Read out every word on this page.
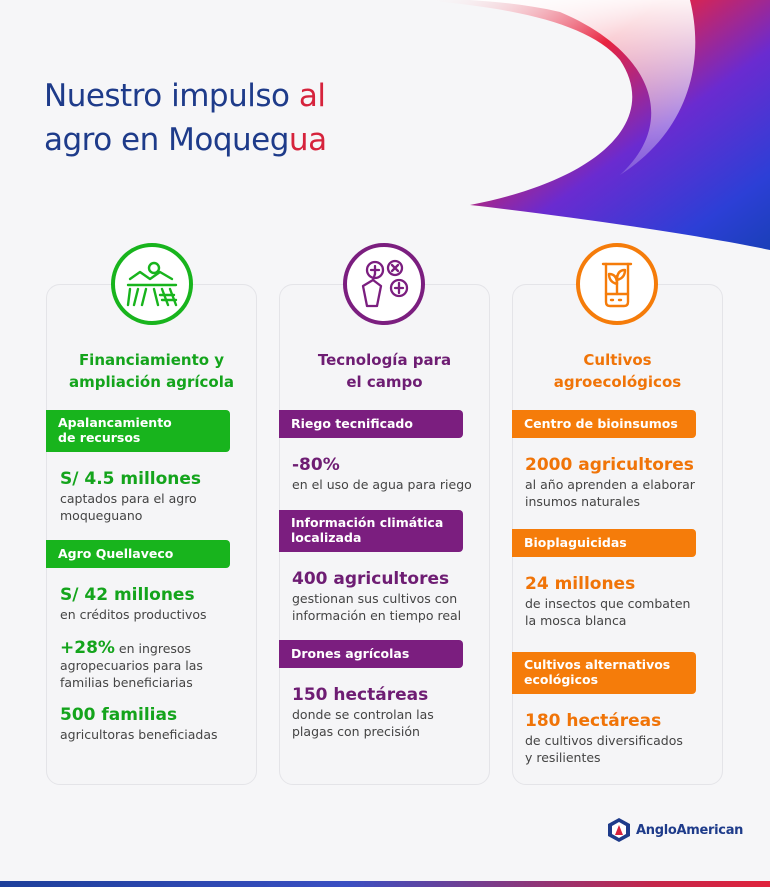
Nuestro impulso al
agro en Moquegua
Financiamiento y
ampliación agrícola
Tecnología para
el campo
Cultivos
agroecológicos
Apalancamiento
de recursos
S/ 4.5 millones
captados para el agro
moqueguano
Agro Quellaveco
S/ 42 millones
en créditos productivos
+28% en ingresos
agropecuarios para las
familias beneficiarias
500 familias
agricultoras beneficiadas
Riego tecnificado
-80%
en el uso de agua para riego
Información climática
localizada
400 agricultores
gestionan sus cultivos con
información en tiempo real
Drones agrícolas
150 hectáreas
donde se controlan las
plagas con precisión
Centro de bioinsumos
2000 agricultores
al año aprenden a elaborar
insumos naturales
Bioplaguicidas
24 millones
de insectos que combaten
la mosca blanca
Cultivos alternativos
ecológicos
180 hectáreas
de cultivos diversificados
y resilientes
AngloAmerican
